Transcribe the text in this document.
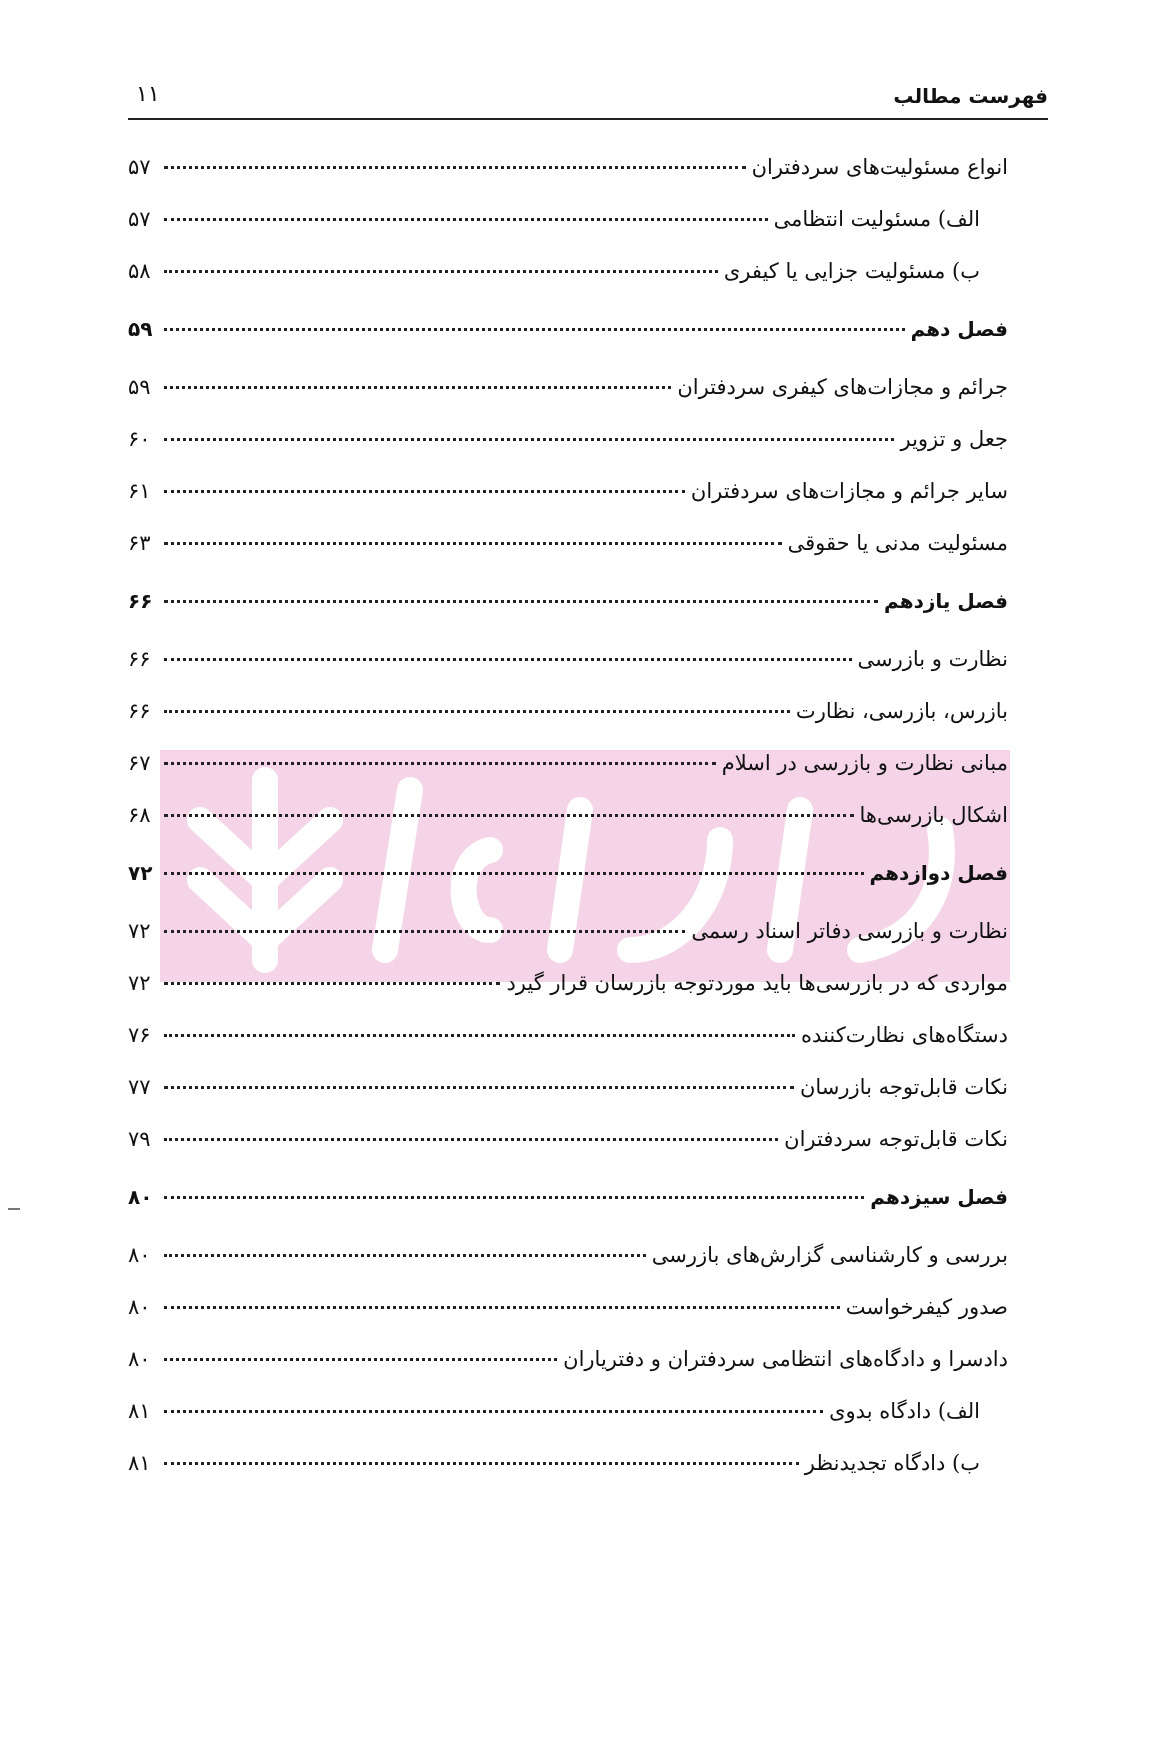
فهرست مطالب
۱۱
انواع مسئولیت‌های سردفتران
۵۷
الف) مسئولیت انتظامی
۵۷
ب) مسئولیت جزایی یا کیفری
۵۸
فصل دهم
۵۹
جرائم و مجازات‌های کیفری سردفتران
۵۹
جعل و تزویر
۶۰
سایر جرائم و مجازات‌های سردفتران
۶۱
مسئولیت مدنی یا حقوقی
۶۳
فصل یازدهم
۶۶
نظارت و بازرسی
۶۶
بازرس، بازرسی، نظارت
۶۶
مبانی نظارت و بازرسی در اسلام
۶۷
اشکال بازرسی‌ها
۶۸
فصل دوازدهم
۷۲
نظارت و بازرسی دفاتر اسناد رسمی
۷۲
مواردی که در بازرسی‌ها باید موردتوجه بازرسان قرار گیرد
۷۲
دستگاه‌های نظارت‌کننده
۷۶
نکات قابل‌توجه بازرسان
۷۷
نکات قابل‌توجه سردفتران
۷۹
فصل سیزدهم
۸۰
بررسی و کارشناسی گزارش‌های بازرسی
۸۰
صدور کیفرخواست
۸۰
دادسرا و دادگاه‌های انتظامی سردفتران و دفتریاران
۸۰
الف) دادگاه بدوی
۸۱
ب) دادگاه تجدیدنظر
۸۱
